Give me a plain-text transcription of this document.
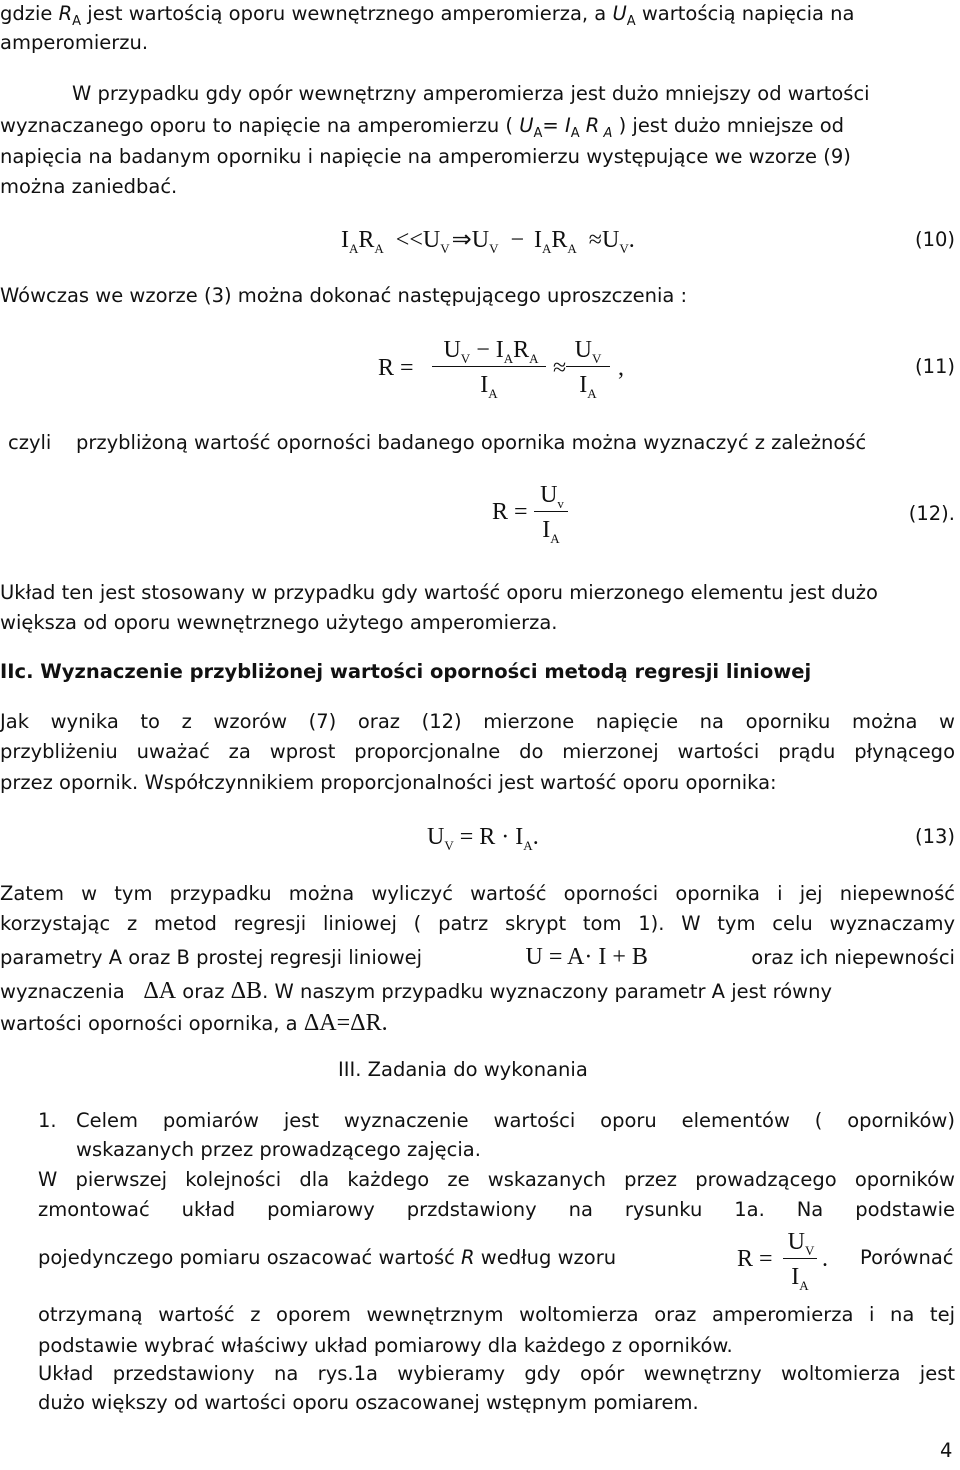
gdzie $R_A$ jest wartością oporu wewnętrznego amperomierza, a $U_A$ wartością napięcia na
amperomierzu.
W przypadku gdy opór wewnętrzny amperomierza jest dużo mniejszy od wartości
wyznaczanego oporu to napięcie na amperomierzu ( $U_A= I_A$ R $_A$ ) jest dużo mniejsze od
napięcia na badanym oporniku i napięcie na amperomierzu występujące we wzorze (9)
można zaniedbać.
$I_AR_A$ $<<U_V\Rightarrow U_V - I_AR_A \approx U_V$.	(10)
Wówczas we wzorze (3) można dokonać następującego uproszczenia :
R =
$U_V - I_AR_A$
$I_A$
≈
$U_V$
$I_A$
,	(11)
czyli przybliżoną wartość oporności badanego opornika można wyznaczyć z zależność
R =
$U_v$
$I_A$
(12).
Układ ten jest stosowany w przypadku gdy wartość oporu mierzonego elementu jest dużo
większa od oporu wewnętrznego użytego amperomierza.
IIc. Wyznaczenie przybliżonej wartości oporności metodą regresji liniowej
Jak wynika to z wzorów (7) oraz (12) mierzone napięcie na oporniku można w
przybliżeniu uważać za wprost proporcjonalne do mierzonej wartości prądu płynącego
przez opornik. Współczynnikiem proporcjonalności jest wartość oporu opornika:
$U_V = R \cdot I_A$.	(13)
Zatem w tym przypadku można wyliczyć wartość oporności opornika i jej niepewność
korzystając z metod regresji liniowej ( patrz skrypt tom 1). W tym celu wyznaczamy
parametry A oraz B prostej regresji liniowej	U = A· I + B	oraz ich niepewności
wyznaczenia ΔA oraz ΔB. W naszym przypadku wyznaczony parametr A jest równy
wartości oporności opornika, a ΔA=ΔR.
III. Zadania do wykonania
1. Celem pomiarów jest wyznaczenie wartości oporu elementów ( oporników)
wskazanych przez prowadzącego zajęcia.
W pierwszej kolejności dla każdego ze wskazanych przez prowadzącego oporników
zmontować układ pomiarowy przdstawiony na rysunku 1a. Na podstawie
pojedynczego pomiaru oszacować wartość R według wzoru	R =
$U_V$
$I_A$
. Porównać
otrzymaną wartość z oporem wewnętrznym woltomierza oraz amperomierza i na tej
podstawie wybrać właściwy układ pomiarowy dla każdego z oporników.
Układ przedstawiony na rys.1a wybieramy gdy opór wewnętrzny woltomierza jest
dużo większy od wartości oporu oszacowanej wstępnym pomiarem.
4
